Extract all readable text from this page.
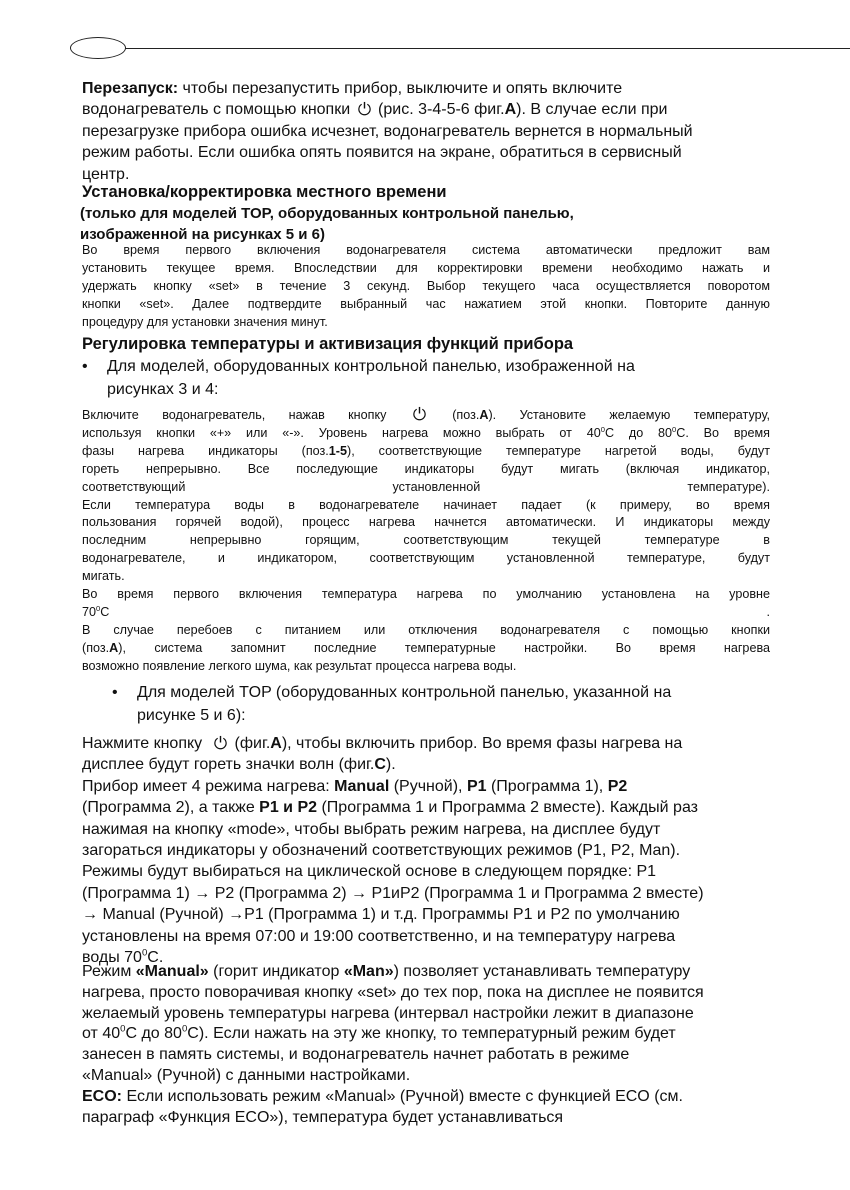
Перезапуск: чтобы перезапустить прибор, выключите и опять включите
водонагреватель с помощью кнопки  (рис. 3-4-5-6 фиг.A). В случае если при
перезагрузке прибора ошибка исчезнет, водонагреватель вернется в нормальный
режим работы. Если ошибка опять появится на экране, обратиться в сервисный
центр.
Установка/корректировка местного времени
(только для моделей TOP, оборудованных контрольной панелью,
изображенной на рисунках 5 и 6)
Во время первого включения водонагревателя система автоматически предложит вам
установить текущее время. Впоследствии для корректировки времени необходимо нажать и
удержать кнопку «set» в течение 3 секунд. Выбор текущего часа осуществляется поворотом
кнопки «set». Далее подтвердите выбранный час нажатием этой кнопки. Повторите данную
процедуру для установки значения минут.
Регулировка температуры и активизация функций прибора
• Для моделей, оборудованных контрольной панелью, изображенной на
рисунках 3 и 4:
Включите водонагреватель, нажав кнопку  (поз.A). Установите желаемую температуру,
используя кнопки «+» или «-». Уровень нагрева можно выбрать от $40^0C$ до $80^0C$. Во время
фазы нагрева индикаторы (поз.1-5), соответствующие температуре нагретой воды, будут
гореть непрерывно. Все последующие индикаторы будут мигать (включая индикатор,
соответствующий установленной температуре).
Если температура воды в водонагревателе начинает падает (к примеру, во время
пользования горячей водой), процесс нагрева начнется автоматически. И индикаторы между
последним непрерывно горящим, соответствующим текущей температуре в
водонагревателе, и индикатором, соответствующим установленной температуре, будут
мигать.
Во время первого включения температура нагрева по умолчанию установлена на уровне
$70^0C$ .
В случае перебоев с питанием или отключения водонагревателя с помощью кнопки
(поз.A), система запомнит последние температурные настройки. Во время нагрева
возможно появление легкого шума, как результат процесса нагрева воды.
• Для моделей TOP (оборудованных контрольной панелью, указанной на
рисунке 5 и 6):
Нажмите кнопку   (фиг.A), чтобы включить прибор. Во время фазы нагрева на
дисплее будут гореть значки волн (фиг.C).
Прибор имеет 4 режима нагрева: Manual (Ручной), P1 (Программа 1), P2
(Программа 2), а также P1 и P2 (Программа 1 и Программа 2 вместе). Каждый раз
нажимая на кнопку «mode», чтобы выбрать режим нагрева, на дисплее будут
загораться индикаторы у обозначений соответствующих режимов (P1, P2, Man).
Режимы будут выбираться на циклической основе в следующем порядке: P1
(Программа 1) → P2 (Программа 2) → P1иP2 (Программа 1 и Программа 2 вместе)
→ Manual (Ручной) →P1 (Программа 1) и т.д. Программы P1 и P2 по умолчанию
установлены на время 07:00 и 19:00 соответственно, и на температуру нагрева
воды $70^0C$.
Режим «Manual» (горит индикатор «Man») позволяет устанавливать температуру
нагрева, просто поворачивая кнопку «set» до тех пор, пока на дисплее не появится
желаемый уровень температуры нагрева (интервал настройки лежит в диапазоне
от $40^0C$ до $80^0C$). Если нажать на эту же кнопку, то температурный режим будет
занесен в память системы, и водонагреватель начнет работать в режиме
«Manual» (Ручной) с данными настройками.
ECO: Если использовать режим «Manual» (Ручной) вместе с функцией ECO (см.
параграф «Функция ECO»), температура будет устанавливаться
